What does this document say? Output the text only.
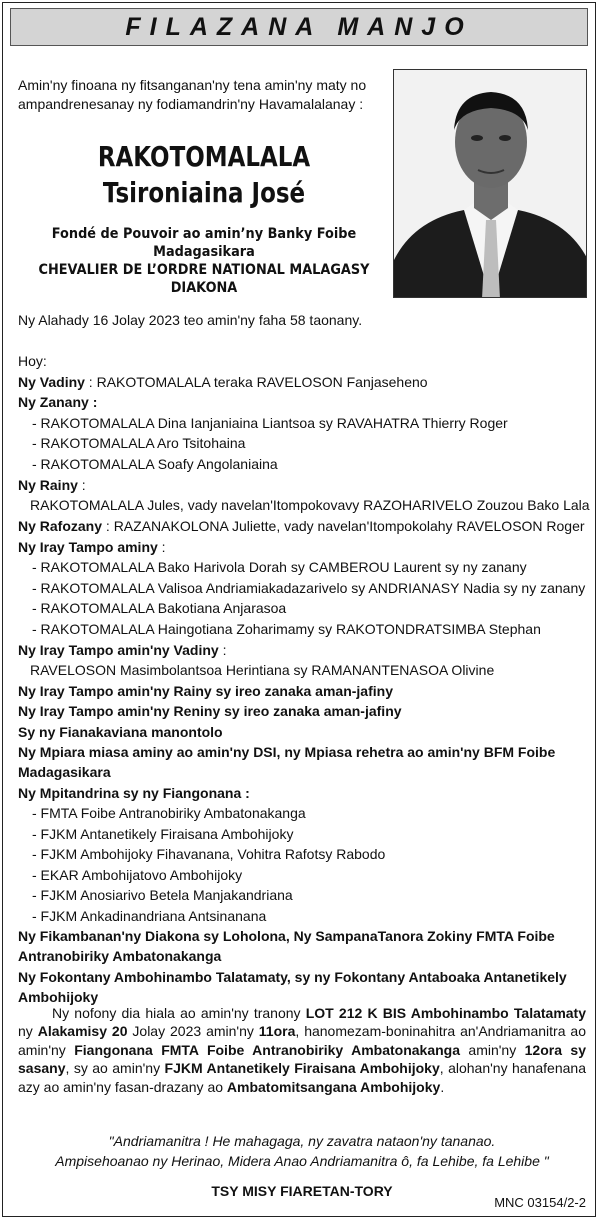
FILAZANA MANJO
Amin'ny finoana ny fitsanganan'ny tena amin'ny maty no ampandrenesanay ny fodiamandrin'ny Havamalalanay :
RAKOTOMALALA
Tsironiaina José
Fondé de Pouvoir ao amin’ny Banky Foibe
Madagasikara
CHEVALIER DE L’ORDRE NATIONAL MALAGASY
DIAKONA
Ny Alahady 16 Jolay 2023 teo amin'ny faha 58 taonany.
Hoy:
Ny Vadiny : RAKOTOMALALA teraka RAVELOSON Fanjaseheno
Ny Zanany :
- RAKOTOMALALA Dina Ianjaniaina Liantsoa sy RAVAHATRA Thierry Roger
- RAKOTOMALALA Aro Tsitohaina
- RAKOTOMALALA Soafy Angolaniaina
Ny Rainy :
RAKOTOMALALA Jules, vady navelan'Itompokovavy RAZOHARIVELO Zouzou Bako Lala
Ny Rafozany : RAZANAKOLONA Juliette, vady navelan'Itompokolahy RAVELOSON Roger
Ny Iray Tampo aminy :
- RAKOTOMALALA Bako Harivola Dorah sy CAMBEROU Laurent sy ny zanany
- RAKOTOMALALA Valisoa Andriamiakadazarivelo sy ANDRIANASY Nadia sy ny zanany
- RAKOTOMALALA Bakotiana Anjarasoa
- RAKOTOMALALA Haingotiana Zoharimamy sy RAKOTONDRATSIMBA Stephan
Ny Iray Tampo amin'ny Vadiny :
RAVELOSON Masimbolantsoa Herintiana sy RAMANANTENASOA Olivine
Ny Iray Tampo amin'ny Rainy sy ireo zanaka aman-jafiny
Ny Iray Tampo amin'ny Reniny sy ireo zanaka aman-jafiny
Sy ny Fianakaviana manontolo
Ny Mpiara miasa aminy ao amin'ny DSI, ny Mpiasa rehetra ao amin'ny BFM Foibe
Madagasikara
Ny Mpitandrina sy ny Fiangonana :
- FMTA Foibe Antranobiriky Ambatonakanga
- FJKM Antanetikely Firaisana Ambohijoky
- FJKM Ambohijoky Fihavanana, Vohitra Rafotsy Rabodo
- EKAR Ambohijatovo Ambohijoky
- FJKM Anosiarivo Betela Manjakandriana
- FJKM Ankadinandriana Antsinanana
Ny Fikambanan'ny Diakona sy Loholona, Ny SampanaTanora Zokiny FMTA Foibe
Antranobiriky Ambatonakanga
Ny Fokontany Ambohinambo Talatamaty, sy ny Fokontany Antaboaka Antanetikely
Ambohijoky
Ny nofony dia hiala ao amin'ny tranony LOT 212 K BIS Ambohinambo Talatamaty ny Alakamisy 20 Jolay 2023 amin'ny 11ora, hanomezam-boninahitra an'Andriamanitra ao amin'ny Fiangonana FMTA Foibe Antranobiriky Ambatonakanga amin'ny 12ora sy sasany, sy ao amin'ny FJKM Antanetikely Firaisana Ambohijoky, alohan'ny hanafenana azy ao amin'ny fasan-drazany ao Ambatomitsangana Ambohijoky.
"Andriamanitra ! He mahagaga, ny zavatra nataon'ny tananao.
Ampisehoanao ny Herinao, Midera Anao Andriamanitra ô, fa Lehibe, fa Lehibe "
TSY MISY FIARETAN-TORY
MNC 03154/2-2
